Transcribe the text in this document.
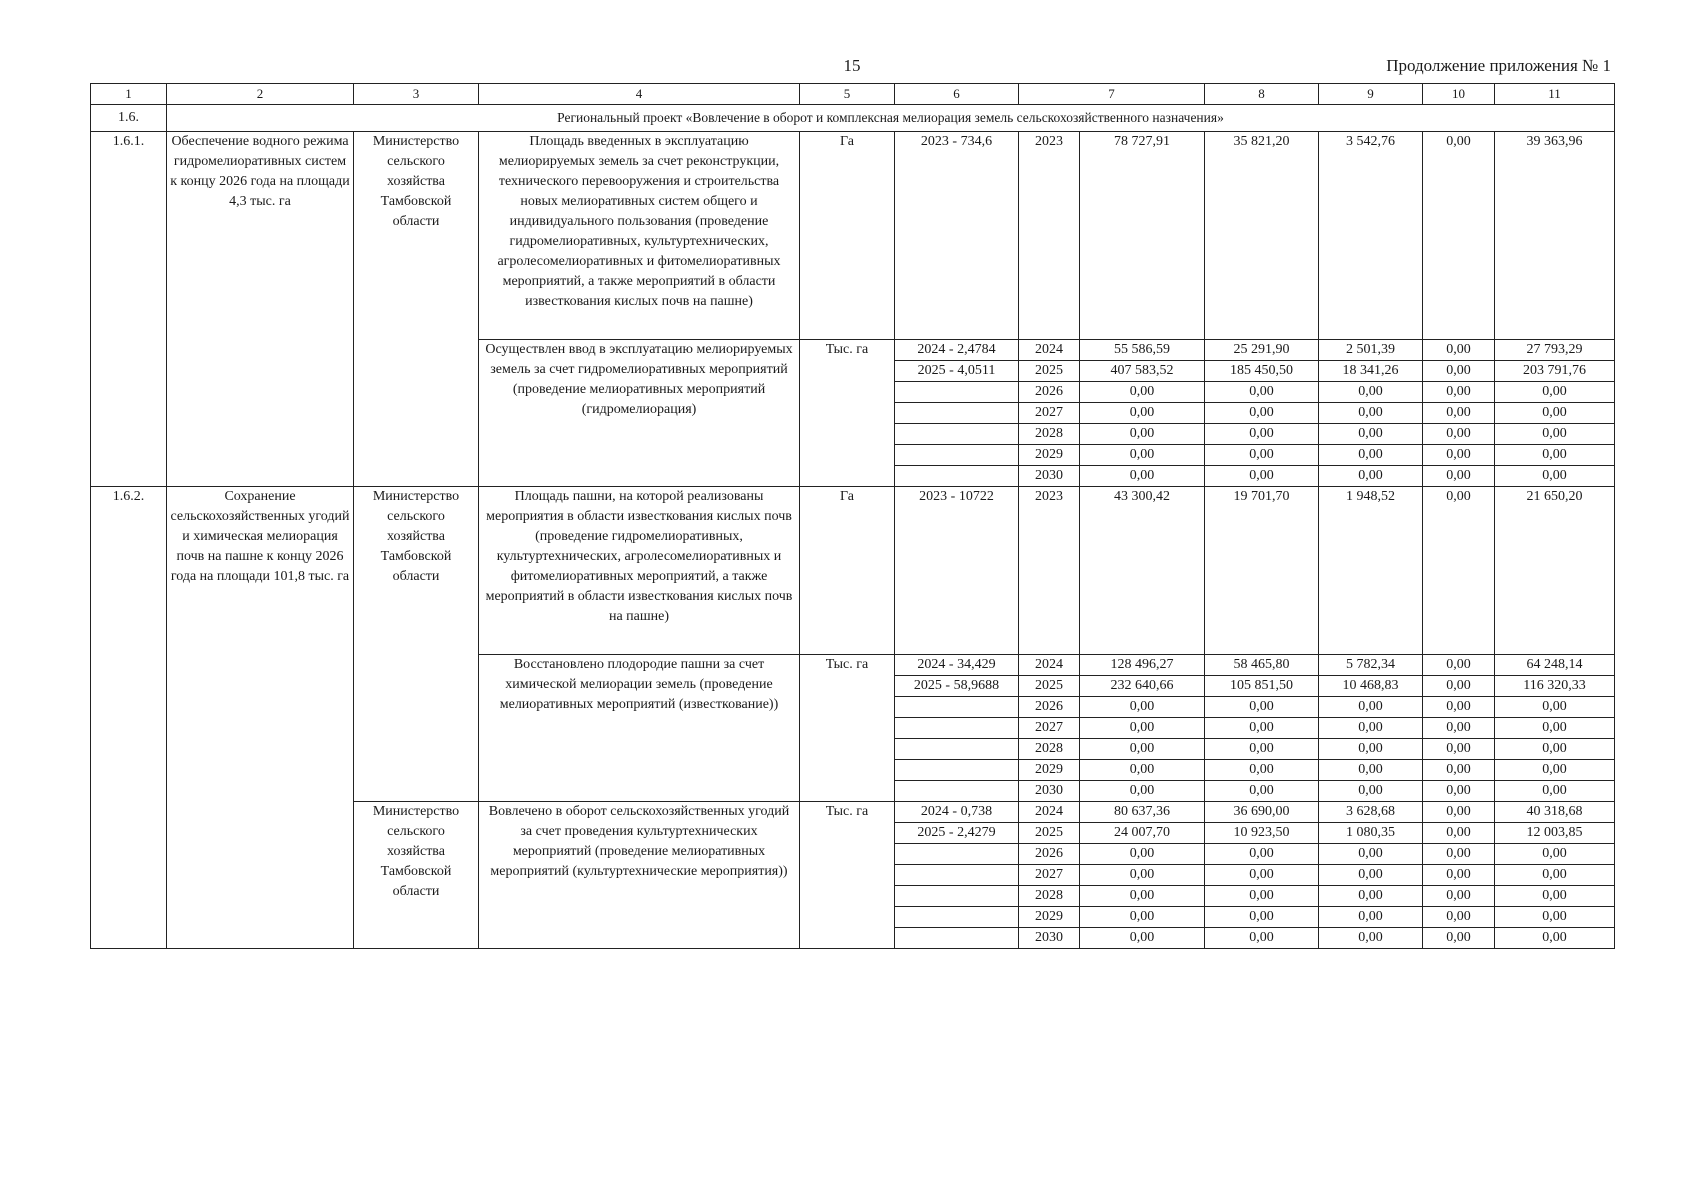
15	Продолжение приложения № 1
1	2	3	4	5	6	7		8	9	10	11
1.6.	Региональный проект «Вовлечение в оборот и комплексная мелиорация земель сельскохозяйственного назначения»										
1.6.1.	Обеспечение водного режима гидромелиоративных систем к концу 2026 года на площади 4,3 тыс. га	Министерство сельского хозяйства Тамбовской области	Площадь введенных в эксплуатацию мелиорируемых земель за счет реконструкции, технического перевооружения и строительства новых мелиоративных систем общего и индивидуального пользования (проведение гидромелиоративных, культуртехнических, агролесомелиоративных и фитомелиоративных мероприятий, а также мероприятий в области известкования кислых почв на пашне)	Га	2023 - 734,6	2023	78 727,91	35 821,20	3 542,76	0,00	39 363,96
			Осуществлен ввод в эксплуатацию мелиорируемых земель за счет гидромелиоративных мероприятий (проведение мелиоративных мероприятий (гидромелиорация)	Тыс. га	2024 - 2,4784	2024	55 586,59	25 291,90	2 501,39	0,00	27 793,29
					2025 - 4,0511	2025	407 583,52	185 450,50	18 341,26	0,00	203 791,76
						2026	0,00	0,00	0,00	0,00	0,00
						2027	0,00	0,00	0,00	0,00	0,00
						2028	0,00	0,00	0,00	0,00	0,00
						2029	0,00	0,00	0,00	0,00	0,00
						2030	0,00	0,00	0,00	0,00	0,00
1.6.2.	Сохранение сельскохозяйственных угодий и химическая мелиорация почв на пашне к концу 2026 года на площади 101,8 тыс. га	Министерство сельского хозяйства Тамбовской области	Площадь пашни, на которой реализованы мероприятия в области известкования кислых почв (проведение гидромелиоративных, культуртехнических, агролесомелиоративных и фитомелиоративных мероприятий, а также мероприятий в области известкования кислых почв на пашне)	Га	2023 - 10722	2023	43 300,42	19 701,70	1 948,52	0,00	21 650,20
			Восстановлено плодородие пашни за счет химической мелиорации земель (проведение мелиоративных мероприятий (известкование))	Тыс. га	2024 - 34,429	2024	128 496,27	58 465,80	5 782,34	0,00	64 248,14
					2025 - 58,9688	2025	232 640,66	105 851,50	10 468,83	0,00	116 320,33
						2026	0,00	0,00	0,00	0,00	0,00
						2027	0,00	0,00	0,00	0,00	0,00
						2028	0,00	0,00	0,00	0,00	0,00
						2029	0,00	0,00	0,00	0,00	0,00
						2030	0,00	0,00	0,00	0,00	0,00
		Министерство сельского хозяйства Тамбовской области	Вовлечено в оборот сельскохозяйственных угодий за счет проведения культуртехнических мероприятий (проведение мелиоративных мероприятий (культуртехнические мероприятия))	Тыс. га	2024 - 0,738	2024	80 637,36	36 690,00	3 628,68	0,00	40 318,68
					2025 - 2,4279	2025	24 007,70	10 923,50	1 080,35	0,00	12 003,85
						2026	0,00	0,00	0,00	0,00	0,00
						2027	0,00	0,00	0,00	0,00	0,00
						2028	0,00	0,00	0,00	0,00	0,00
						2029	0,00	0,00	0,00	0,00	0,00
						2030	0,00	0,00	0,00	0,00	0,00
